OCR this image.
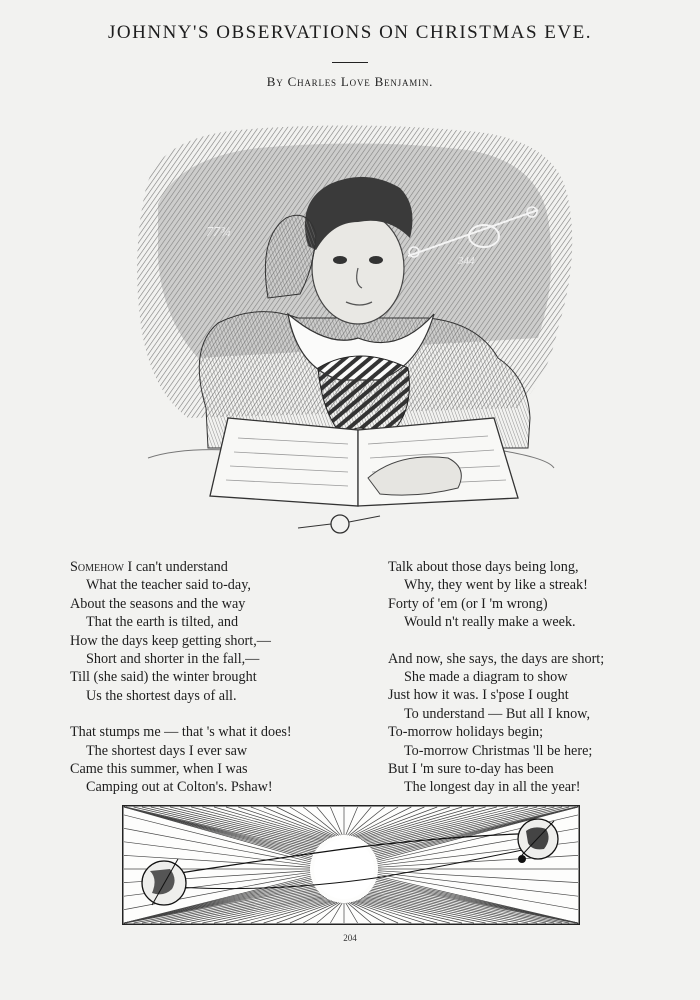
JOHNNY'S OBSERVATIONS ON CHRISTMAS EVE.
By Charles Love Benjamin.
77¾
344
Somehow I can't understand
What the teacher said to-day,
About the seasons and the way
That the earth is tilted, and
How the days keep getting short,—
Short and shorter in the fall,—
Till (she said) the winter brought
Us the shortest days of all.
That stumps me — that 's what it does!
The shortest days I ever saw
Came this summer, when I was
Camping out at Colton's. Pshaw!
Talk about those days being long,
Why, they went by like a streak!
Forty of 'em (or I 'm wrong)
Would n't really make a week.
And now, she says, the days are short;
She made a diagram to show
Just how it was. I s'pose I ought
To understand — But all I know,
To-morrow holidays begin;
To-morrow Christmas 'll be here;
But I 'm sure to-day has been
The longest day in all the year!
204
